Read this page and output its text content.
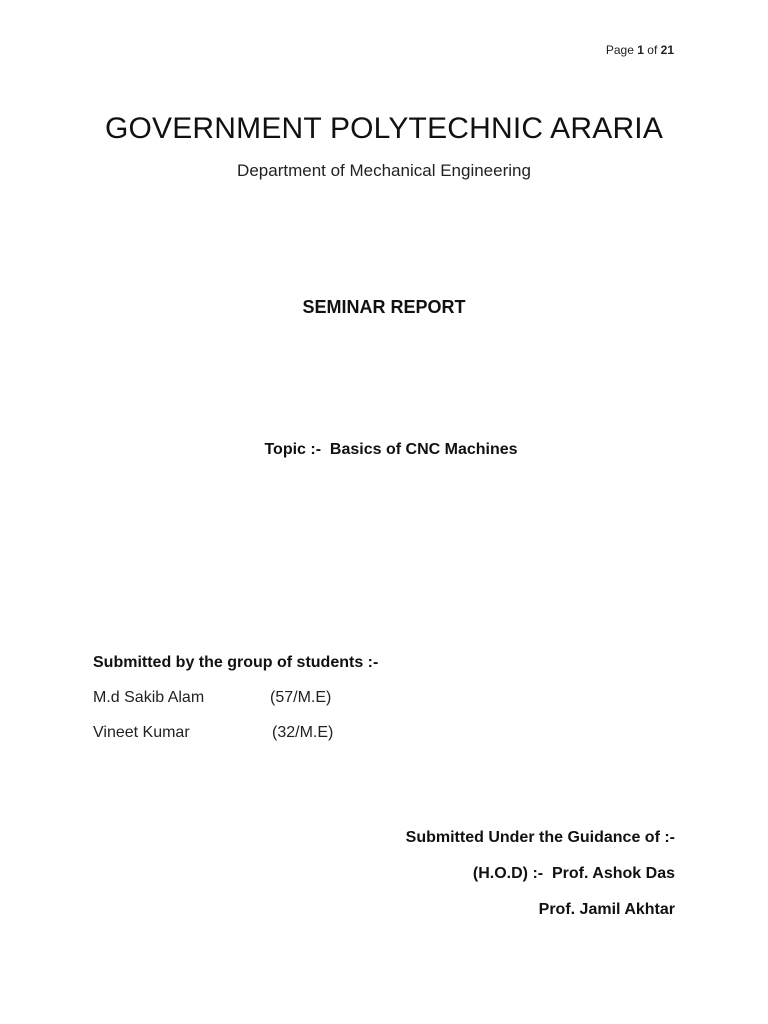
Page 1 of 21
GOVERNMENT POLYTECHNIC ARARIA
Department of Mechanical Engineering
SEMINAR REPORT
Topic :-  Basics of CNC Machines
Submitted by the group of students :-
M.d Sakib Alam	(57/M.E)
Vineet Kumar	(32/M.E)
Submitted Under the Guidance of :-
(H.O.D) :-  Prof. Ashok Das
Prof. Jamil Akhtar
